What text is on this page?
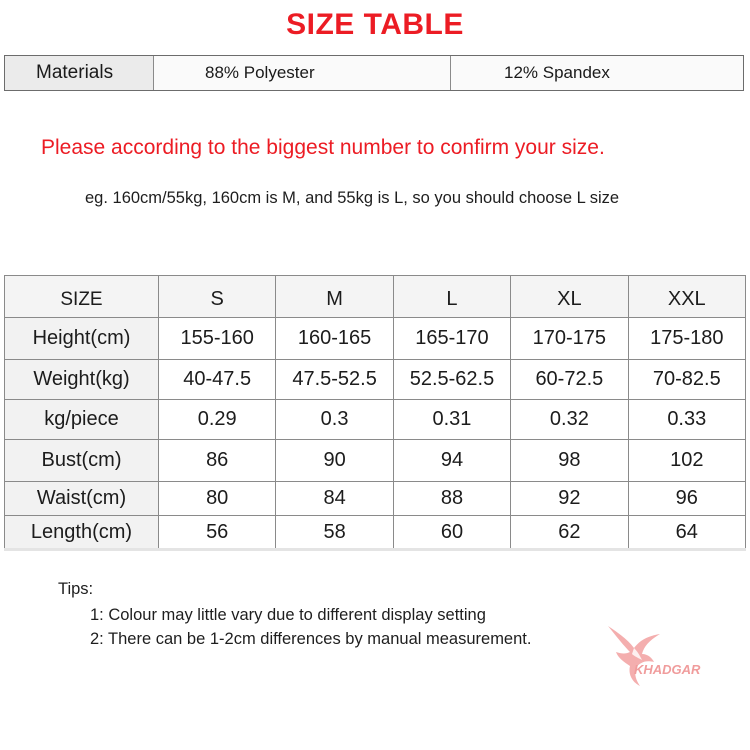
SIZE TABLE
Materials	88% Polyester	12% Spandex
Please according to the biggest number to confirm your size.
eg. 160cm/55kg, 160cm is M, and 55kg is L, so you should choose L size
SIZE	S	M	L	XL	XXL
Height(cm)	155-160	160-165	165-170	170-175	175-180
Weight(kg)	40-47.5	47.5-52.5	52.5-62.5	60-72.5	70-82.5
kg/piece	0.29	0.3	0.31	0.32	0.33
Bust(cm)	86	90	94	98	102
Waist(cm)	80	84	88	92	96
Length(cm)	56	58	60	62	64
Tips:
1: Colour may little vary due to different display setting
2: There can be 1-2cm differences by manual measurement.
KHADGAR
